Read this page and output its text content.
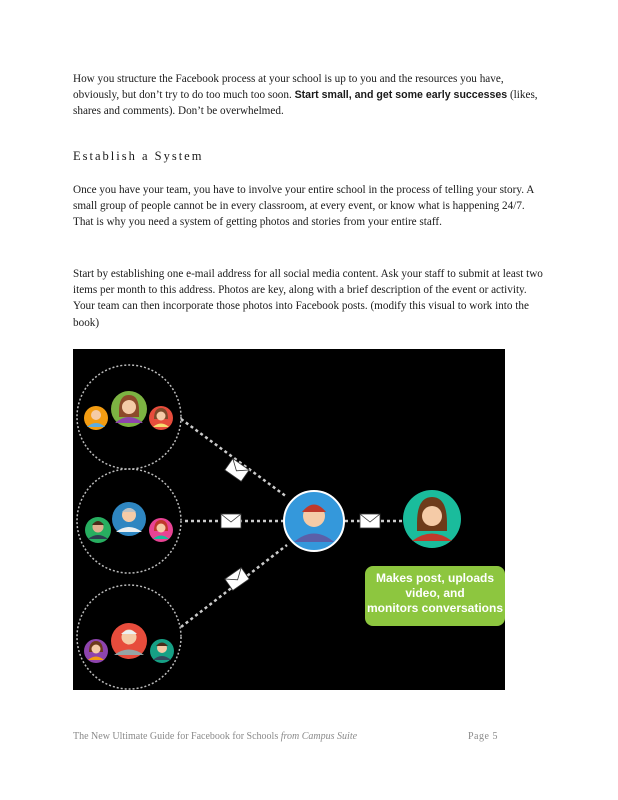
How you structure the Facebook process at your school is up to you and the resources you have, obviously, but don’t try to do too much too soon. Start small, and get some early successes (likes, shares and comments). Don’t be overwhelmed.

Establish a System

Once you have your team, you have to involve your entire school in the process of telling your story. A small group of people cannot be in every classroom, at every event, or know what is happening 24/7. That is why you need a system of getting photos and stories from your entire staff.

Start by establishing one e-mail address for all social media content. Ask your staff to submit at least two items per month to this address. Photos are key, along with a brief description of the event or activity. Your team can then incorporate those photos into Facebook posts. (modify this visual to work into the book)

Makes post, uploads
video, and
monitors conversations
The New Ultimate Guide for Facebook for Schools from Campus Suite	Page 5
